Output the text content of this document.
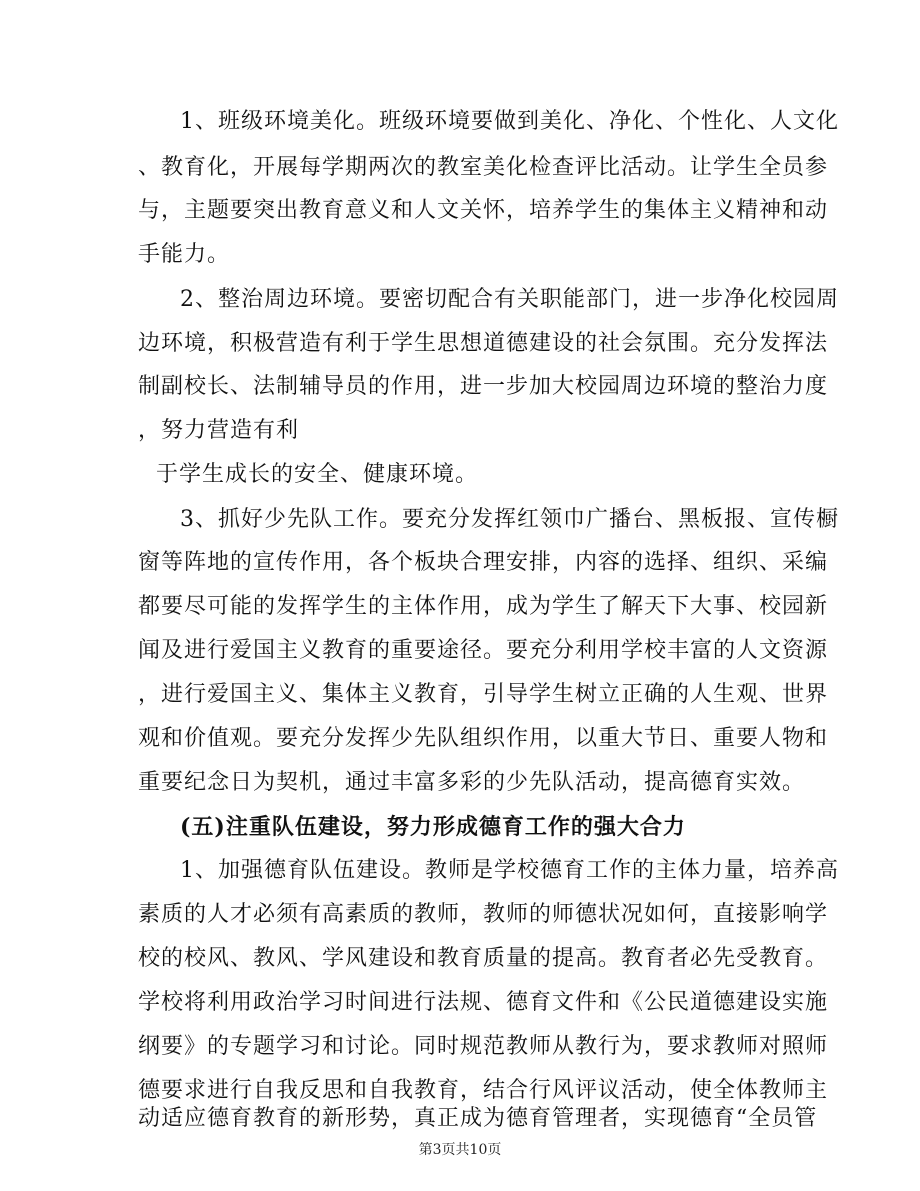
1、班级环境美化。班级环境要做到美化、净化、个性化、人文化
、教育化，开展每学期两次的教室美化检查评比活动。让学生全员参
与，主题要突出教育意义和人文关怀，培养学生的集体主义精神和动
手能力。
2、整治周边环境。要密切配合有关职能部门，进一步净化校园周
边环境，积极营造有利于学生思想道德建设的社会氛围。充分发挥法
制副校长、法制辅导员的作用，进一步加大校园周边环境的整治力度
，努力营造有利
于学生成长的安全、健康环境。
3、抓好少先队工作。要充分发挥红领巾广播台、黑板报、宣传橱
窗等阵地的宣传作用，各个板块合理安排，内容的选择、组织、采编
都要尽可能的发挥学生的主体作用，成为学生了解天下大事、校园新
闻及进行爱国主义教育的重要途径。要充分利用学校丰富的人文资源
，进行爱国主义、集体主义教育，引导学生树立正确的人生观、世界
观和价值观。要充分发挥少先队组织作用，以重大节日、重要人物和
重要纪念日为契机，通过丰富多彩的少先队活动，提高德育实效。
(五)注重队伍建设，努力形成德育工作的强大合力
1、加强德育队伍建设。教师是学校德育工作的主体力量，培养高
素质的人才必须有高素质的教师，教师的师德状况如何，直接影响学
校的校风、教风、学风建设和教育质量的提高。教育者必先受教育。
学校将利用政治学习时间进行法规、德育文件和《公民道德建设实施
纲要》的专题学习和讨论。同时规范教师从教行为，要求教师对照师
德要求进行自我反思和自我教育，结合行风评议活动，使全体教师主
动适应德育教育的新形势，真正成为德育管理者，实现德育“全员管
第3页共10页
